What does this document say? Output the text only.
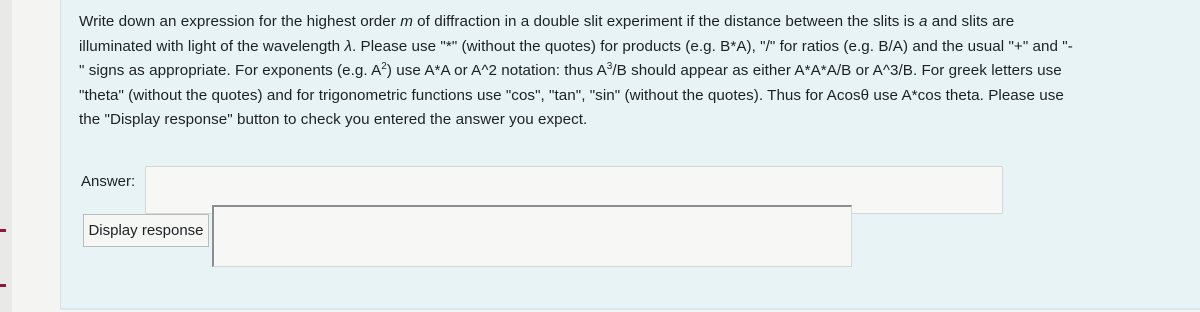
Write down an expression for the highest order m of diffraction in a double slit experiment if the distance between the slits is a and slits are
illuminated with light of the wavelength λ. Please use "*" (without the quotes) for products (e.g. B*A), "/" for ratios (e.g. B/A) and the usual "+" and "-
" signs as appropriate. For exponents (e.g. $A^2$) use A*A or A^2 notation: thus $A^3/B$ should appear as either A*A*A/B or A^3/B. For greek letters use
"theta" (without the quotes) and for trigonometric functions use "cos", "tan", "sin" (without the quotes). Thus for Acosθ use A*cos theta. Please use
the "Display response" button to check you entered the answer you expect.
Answer:
Display response
